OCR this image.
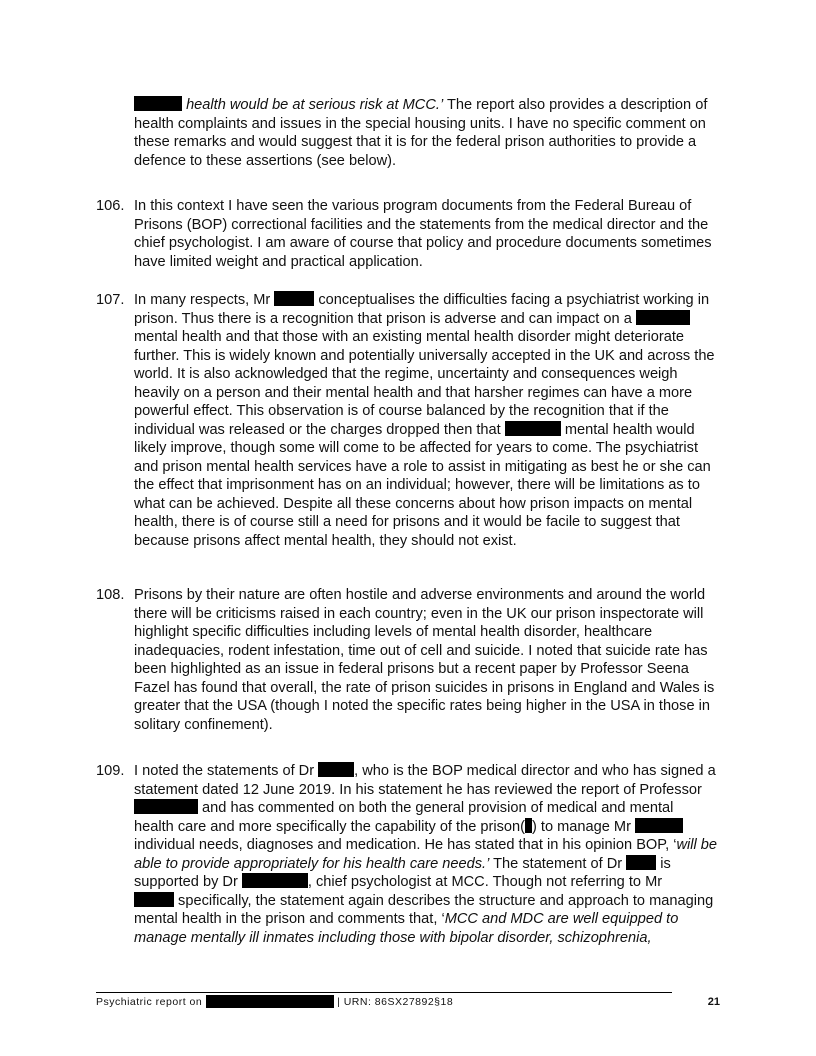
health would be at serious risk at MCC.’ The report also provides a description of
health complaints and issues in the special housing units. I have no specific comment on
these remarks and would suggest that it is for the federal prison authorities to provide a
defence to these assertions (see below).
106. In this context I have seen the various program documents from the Federal Bureau of
Prisons (BOP) correctional facilities and the statements from the medical director and the
chief psychologist. I am aware of course that policy and procedure documents sometimes
have limited weight and practical application.
107. In many respects, Mr	conceptualises the difficulties facing a psychiatrist working in
prison. Thus there is a recognition that prison is adverse and can impact on a
mental health and that those with an existing mental health disorder might deteriorate
further. This is widely known and potentially universally accepted in the UK and across the
world. It is also acknowledged that the regime, uncertainty and consequences weigh
heavily on a person and their mental health and that harsher regimes can have a more
powerful effect. This observation is of course balanced by the recognition that if the
individual was released or the charges dropped then that	mental health would
likely improve, though some will come to be affected for years to come. The psychiatrist
and prison mental health services have a role to assist in mitigating as best he or she can
the effect that imprisonment has on an individual; however, there will be limitations as to
what can be achieved. Despite all these concerns about how prison impacts on mental
health, there is of course still a need for prisons and it would be facile to suggest that
because prisons affect mental health, they should not exist.
108. Prisons by their nature are often hostile and adverse environments and around the world
there will be criticisms raised in each country; even in the UK our prison inspectorate will
highlight specific difficulties including levels of mental health disorder, healthcare
inadequacies, rodent infestation, time out of cell and suicide. I noted that suicide rate has
been highlighted as an issue in federal prisons but a recent paper by Professor Seena
Fazel has found that overall, the rate of prison suicides in prisons in England and Wales is
greater that the USA (though I noted the specific rates being higher in the USA in those in
solitary confinement).
109. I noted the statements of Dr	, who is the BOP medical director and who has signed a
statement dated 12 June 2019. In his statement he has reviewed the report of Professor
and has commented on both the general provision of medical and mental
health care and more specifically the capability of the prison( ) to manage Mr
individual needs, diagnoses and medication. He has stated that in his opinion BOP, ‘will be
able to provide appropriately for his health care needs.’ The statement of Dr  is
supported by Dr	, chief psychologist at MCC. Though not referring to Mr
specifically, the statement again describes the structure and approach to managing
mental health in the prison and comments that, ‘MCC and MDC are well equipped to
manage mentally ill inmates including those with bipolar disorder, schizophrenia,
Psychiatric report on	| URN: 86SX27892§18	21
